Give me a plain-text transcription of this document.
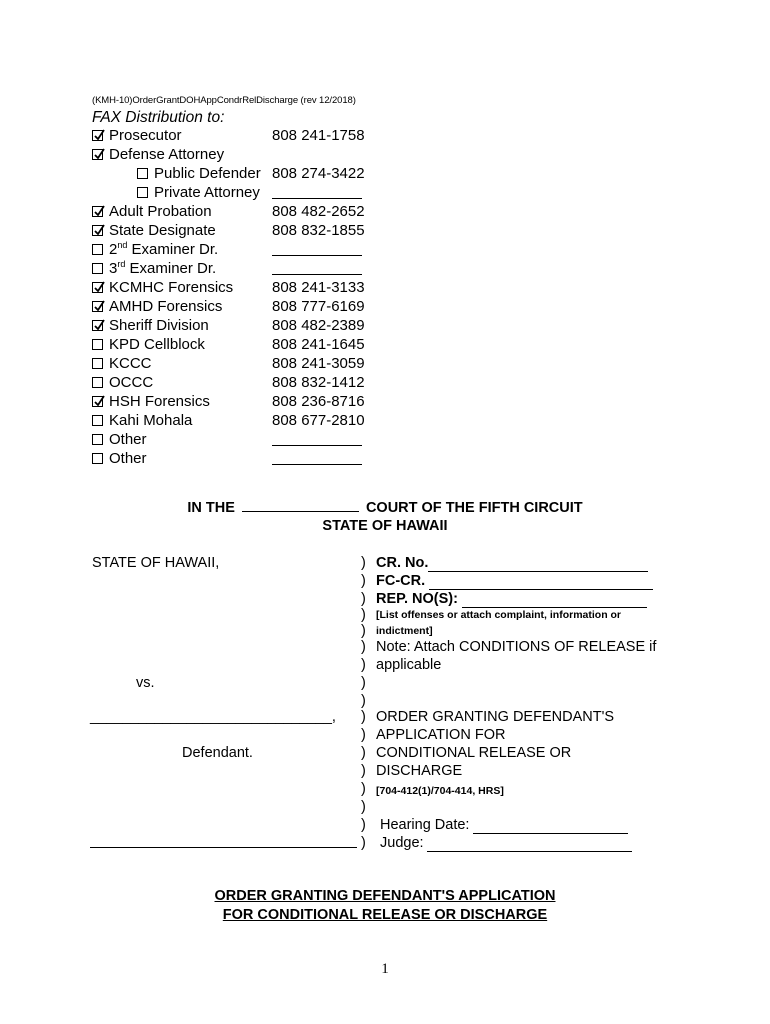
(KMH-10)OrderGrantDOHAppCondrRelDischarge (rev 12/2018)
FAX Distribution to:
Prosecutor	808 241-1758
Defense Attorney
Public Defender 808 274-3422
Private Attorney
Adult Probation	808 482-2652
State Designate	808 832-1855
2nd Examiner Dr.
3rd Examiner Dr.
KCMHC Forensics	808 241-3133
AMHD Forensics	808 777-6169
Sheriff Division	808 482-2389
KPD Cellblock	808 241-1645
KCCC	808 241-3059
OCCC	808 832-1412
HSH Forensics	808 236-8716
Kahi Mohala	808 677-2810
Other
Other
IN THE	COURT OF THE FIFTH CIRCUIT
STATE OF HAWAII
STATE OF HAWAII,
vs.
______________________________,
Defendant.
)
)
)
)
)
)
)
)
)
)
)
)
)
)
)
)
)
CR. No.
FC-CR.
REP. NO(S):
[List offenses or attach complaint, information or
indictment]
Note: Attach CONDITIONS OF RELEASE if
applicable
ORDER GRANTING DEFENDANT'S
APPLICATION FOR
CONDITIONAL RELEASE OR
DISCHARGE
[704-412(1)/704-414, HRS]
Hearing Date:
Judge:
ORDER GRANTING DEFENDANT'S APPLICATION
FOR CONDITIONAL RELEASE OR DISCHARGE
1
